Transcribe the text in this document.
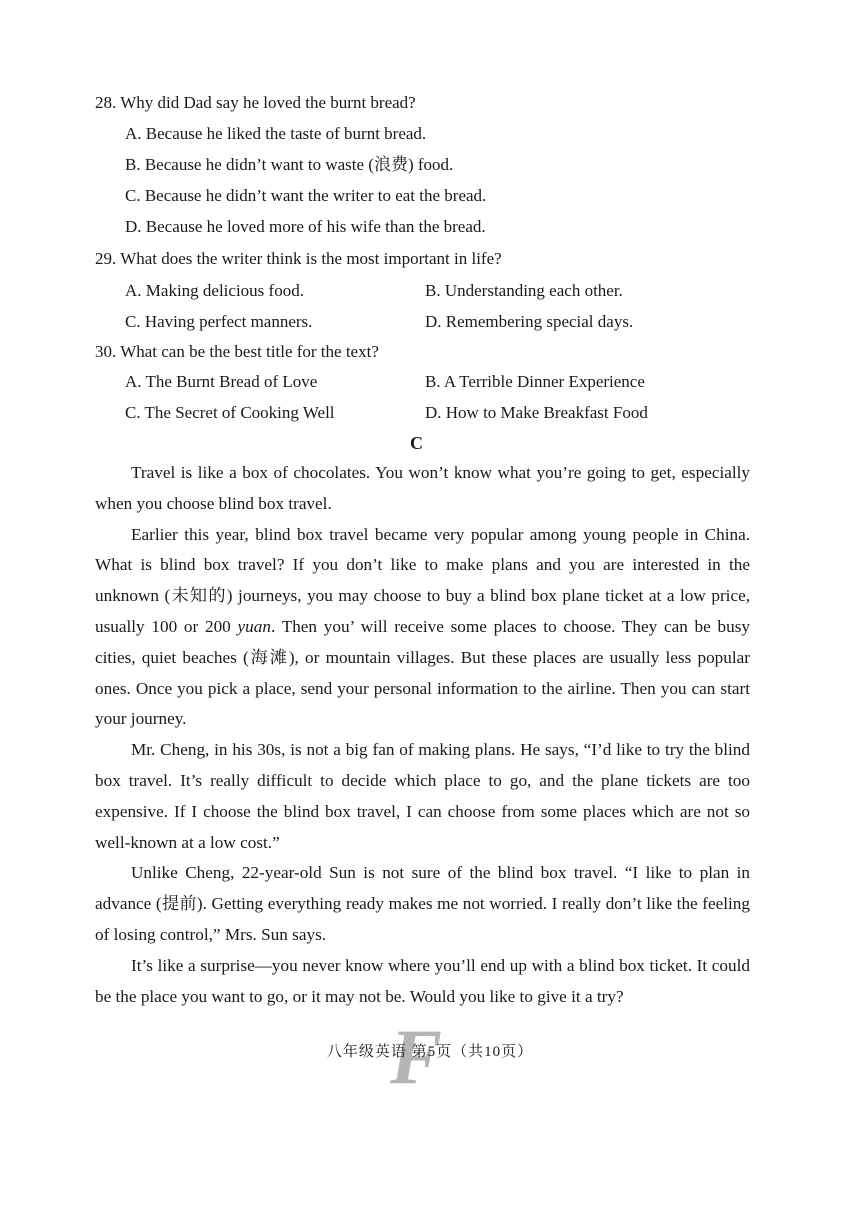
28. Why did Dad say he loved the burnt bread?
A. Because he liked the taste of burnt bread.
B. Because he didn’t want to waste (浪费) food.
C. Because he didn’t want the writer to eat the bread.
D. Because he loved more of his wife than the bread.
29. What does the writer think is the most important in life?
A. Making delicious food.	B. Understanding each other.
C. Having perfect manners.	D. Remembering special days.
30. What can be the best title for the text?
A. The Burnt Bread of Love	B. A Terrible Dinner Experience
C. The Secret of Cooking Well	D. How to Make Breakfast Food
C

Travel is like a box of chocolates. You won’t know what you’re going to get, especially when you choose blind box travel.

Earlier this year, blind box travel became very popular among young people in China. What is blind box travel? If you don’t like to make plans and you are interested in the unknown (未知的) journeys, you may choose to buy a blind box plane ticket at a low price, usually 100 or 200 yuan. Then you’ will receive some places to choose. They can be busy cities, quiet beaches (海滩), or mountain villages. But these places are usually less popular ones. Once you pick a place, send your personal information to the airline. Then you can start your journey.

Mr. Cheng, in his 30s, is not a big fan of making plans. He says, “I’d like to try the blind box travel. It’s really difficult to decide which place to go, and the plane tickets are too expensive. If I choose the blind box travel, I can choose from some places which are not so well-known at a low cost.”

Unlike Cheng, 22-year-old Sun is not sure of the blind box travel. “I like to plan in advance (提前). Getting everything ready makes me not worried. I really don’t like the feeling of losing control,” Mrs. Sun says.

It’s like a surprise—you never know where you’ll end up with a blind box ticket. It could be the place you want to go, or it may not be. Would you like to give it a try?

F
八年级英语 第5页（共10页）
